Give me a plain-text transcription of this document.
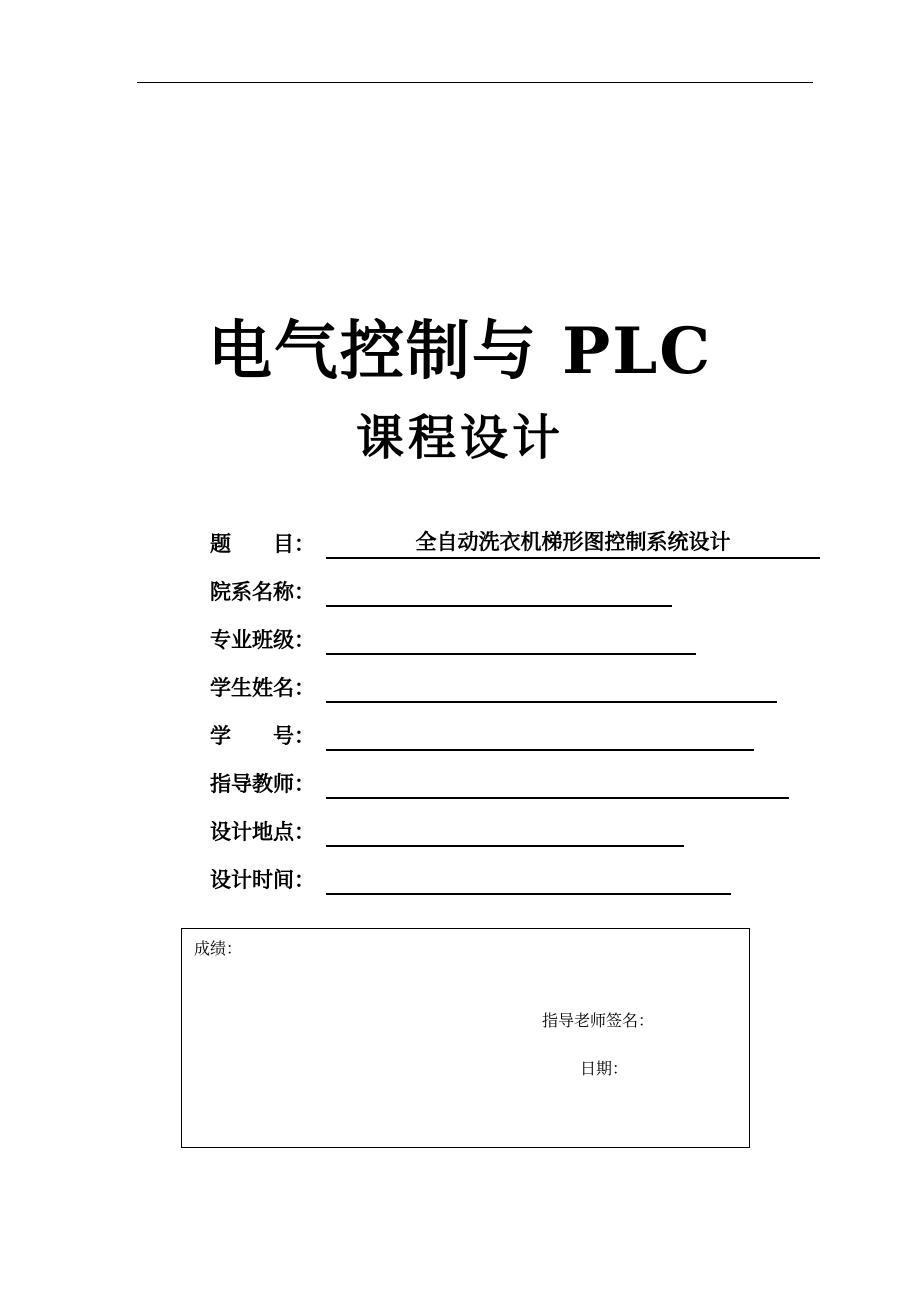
电气控制与 PLC
课程设计
题　　目：	全自动洗衣机梯形图控制系统设计
院系名称：
专业班级：
学生姓名：
学　　号：
指导教师：
设计地点：
设计时间：
成绩：
指导老师签名：
日期：
